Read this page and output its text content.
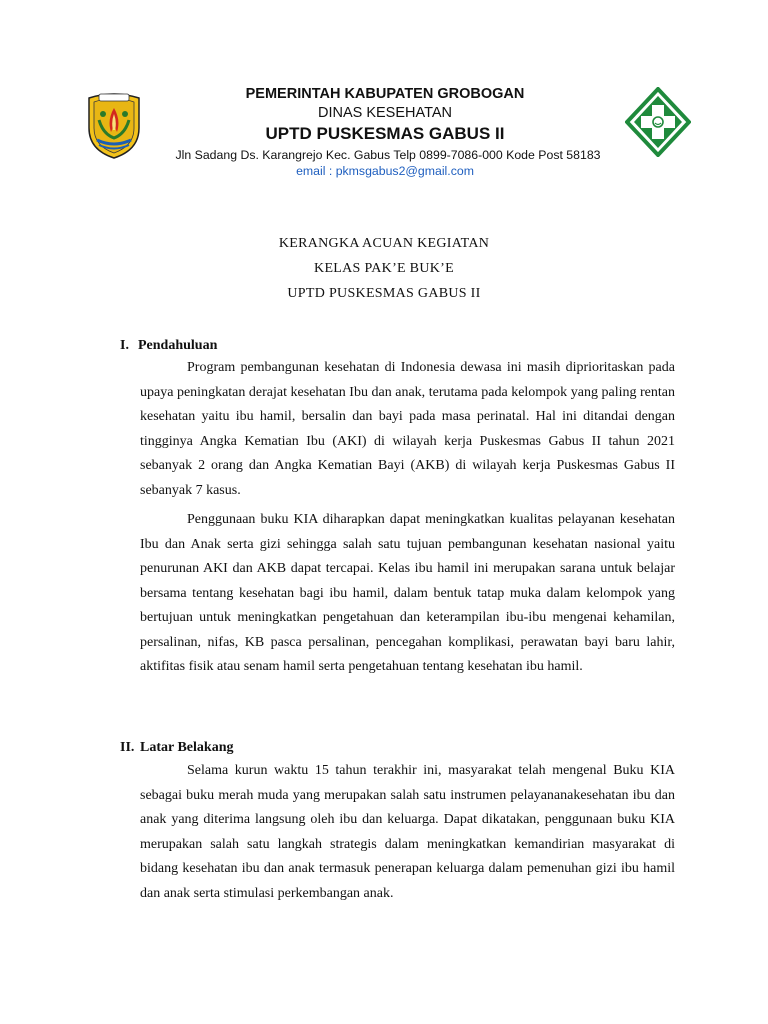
PEMERINTAH KABUPATEN GROBOGAN
DINAS KESEHATAN
UPTD PUSKESMAS GABUS II
Jln Sadang Ds. Karangrejo Kec. Gabus Telp 0899-7086-000 Kode Post 58183
email : pkmsgabus2@gmail.com
KERANGKA ACUAN KEGIATAN
KELAS PAK’E BUK’E
UPTD PUSKESMAS GABUS II
I. Pendahuluan

Program pembangunan kesehatan di Indonesia dewasa ini masih diprioritaskan pada upaya peningkatan derajat kesehatan Ibu dan anak, terutama pada kelompok yang paling rentan kesehatan yaitu ibu hamil, bersalin dan bayi pada masa perinatal. Hal ini ditandai dengan tingginya Angka Kematian Ibu (AKI) di wilayah kerja Puskesmas Gabus II tahun 2021 sebanyak 2 orang dan Angka Kematian Bayi (AKB) di wilayah kerja Puskesmas Gabus II sebanyak 7 kasus.

Penggunaan buku KIA diharapkan dapat meningkatkan kualitas pelayanan kesehatan Ibu dan Anak serta gizi sehingga salah satu tujuan pembangunan kesehatan nasional yaitu penurunan AKI dan AKB dapat tercapai. Kelas ibu hamil ini merupakan sarana untuk belajar bersama tentang kesehatan bagi ibu hamil, dalam bentuk tatap muka dalam kelompok yang bertujuan untuk meningkatkan pengetahuan dan keterampilan ibu-ibu mengenai kehamilan, persalinan, nifas, KB pasca persalinan, pencegahan komplikasi, perawatan bayi baru lahir, aktifitas fisik atau senam hamil serta pengetahuan tentang kesehatan ibu hamil.

II. Latar Belakang

Selama kurun waktu 15 tahun terakhir ini, masyarakat telah mengenal Buku KIA sebagai buku merah muda yang merupakan salah satu instrumen pelayananakesehatan ibu dan anak yang diterima langsung oleh ibu dan keluarga. Dapat dikatakan, penggunaan buku KIA merupakan salah satu langkah strategis dalam meningkatkan kemandirian masyarakat di bidang kesehatan ibu dan anak termasuk penerapan keluarga dalam pemenuhan gizi ibu hamil dan anak serta stimulasi perkembangan anak.
